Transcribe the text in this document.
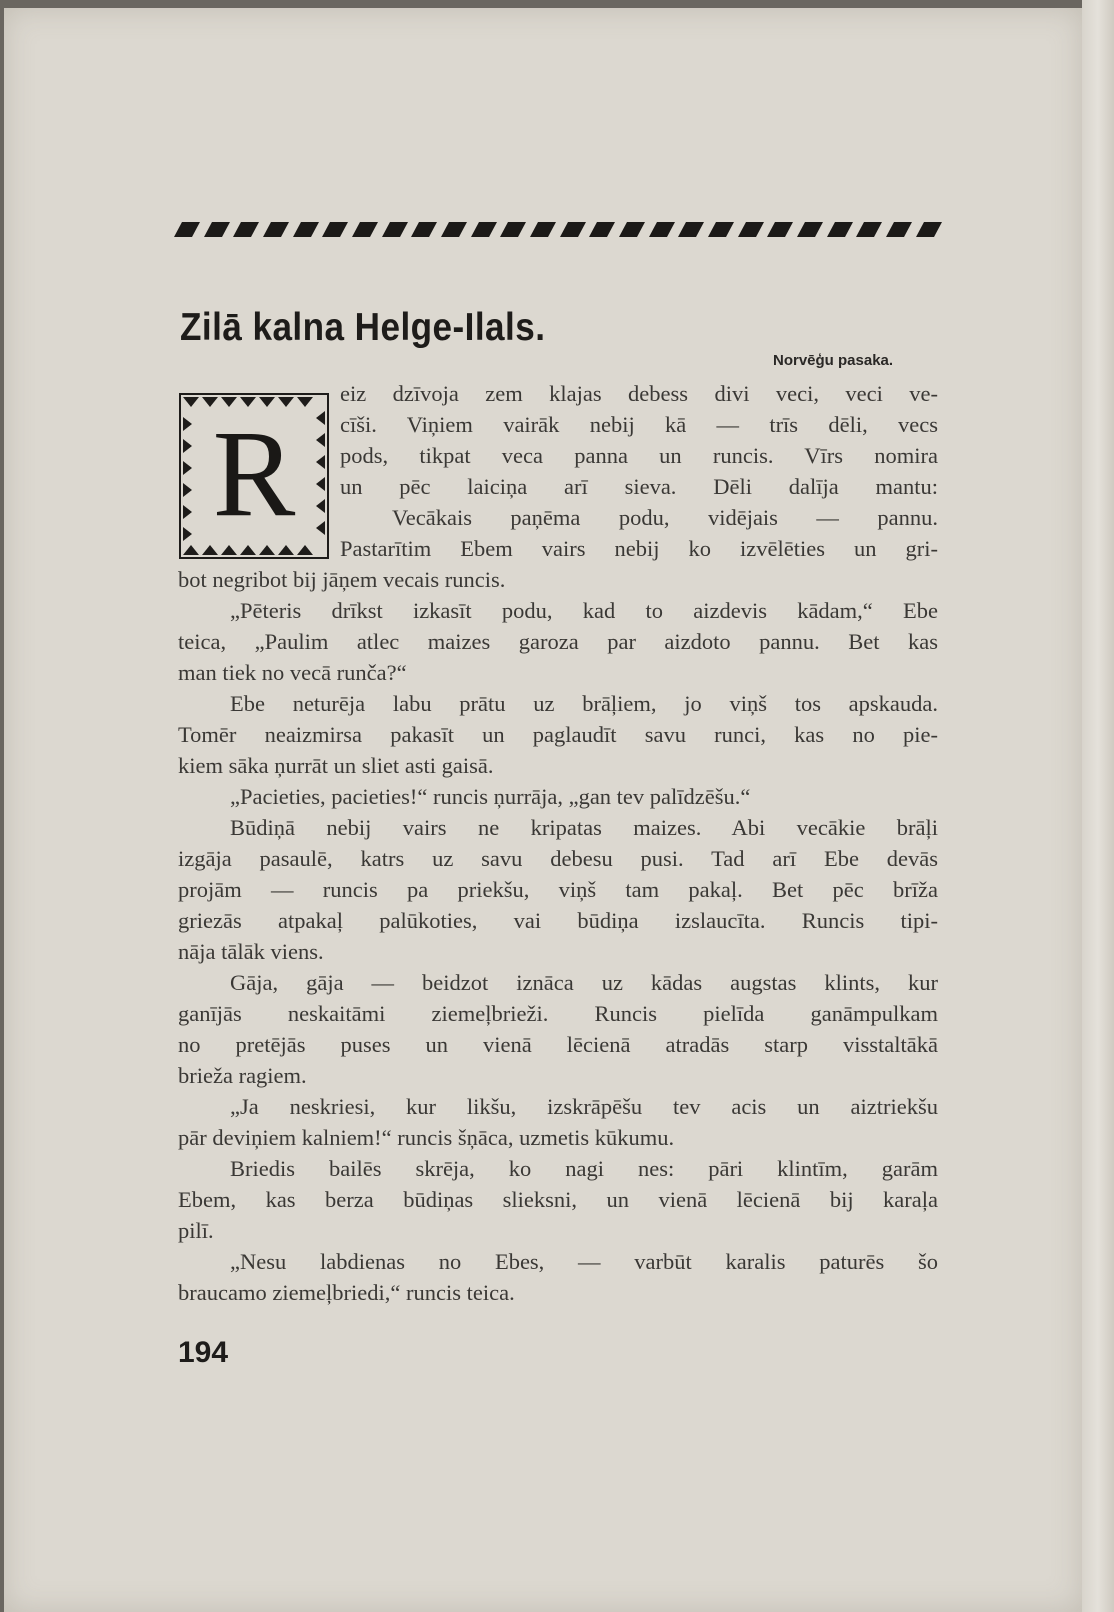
Zilā kalna Helge-Ilals.
Norvēģu pasaka.
R
eiz dzīvoja zem klajas debess divi veci, veci ve-
cīši. Viņiem vairāk nebij kā — trīs dēli, vecs
pods, tikpat veca panna un runcis. Vīrs nomira
un pēc laiciņa arī sieva. Dēli dalīja mantu:
Vecākais paņēma podu, vidējais — pannu.
Pastarītim Ebem vairs nebij ko izvēlēties un gri-
bot negribot bij jāņem vecais runcis.
„Pēteris drīkst izkasīt podu, kad to aizdevis kādam,“ Ebe
teica, „Paulim atlec maizes garoza par aizdoto pannu. Bet kas
man tiek no vecā runča?“
Ebe neturēja labu prātu uz brāļiem, jo viņš tos apskauda.
Tomēr neaizmirsa pakasīt un paglaudīt savu runci, kas no pie-
kiem sāka ņurrāt un sliet asti gaisā.
„Pacieties, pacieties!“ runcis ņurrāja, „gan tev palīdzēšu.“
Būdiņā nebij vairs ne kripatas maizes. Abi vecākie brāļi
izgāja pasaulē, katrs uz savu debesu pusi. Tad arī Ebe devās
projām — runcis pa priekšu, viņš tam pakaļ. Bet pēc brīža
griezās atpakaļ palūkoties, vai būdiņa izslaucīta. Runcis tipi-
nāja tālāk viens.
Gāja, gāja — beidzot iznāca uz kādas augstas klints, kur
ganījās neskaitāmi ziemeļbrieži. Runcis pielīda ganāmpulkam
no pretējās puses un vienā lēcienā atradās starp visstaltākā
brieža ragiem.
„Ja neskriesi, kur likšu, izskrāpēšu tev acis un aiztriekšu
pār deviņiem kalniem!“ runcis šņāca, uzmetis kūkumu.
Briedis bailēs skrēja, ko nagi nes: pāri klintīm, garām
Ebem, kas berza būdiņas slieksni, un vienā lēcienā bij karaļa
pilī.
„Nesu labdienas no Ebes, — varbūt karalis paturēs šo
braucamo ziemeļbriedi,“ runcis teica.
194
